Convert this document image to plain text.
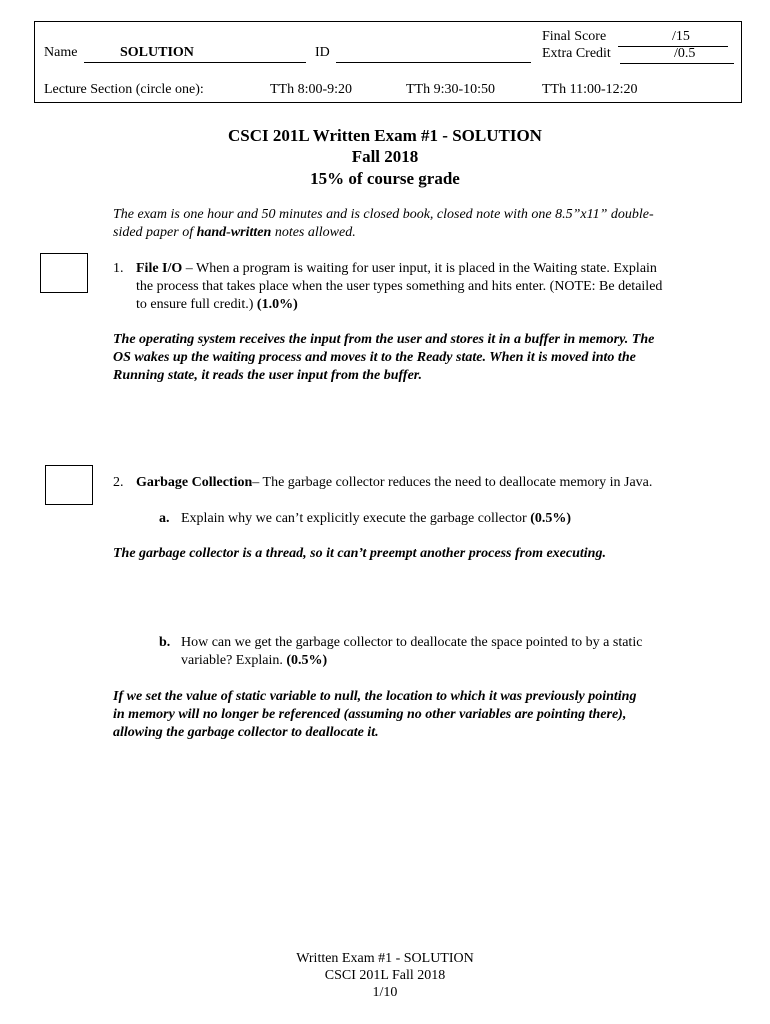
Name	SOLUTION	ID
Final Score	/15
Extra Credit	/0.5
Lecture Section (circle one):	TTh 8:00-9:20	TTh 9:30-10:50	TTh 11:00-12:20
CSCI 201L Written Exam #1 - SOLUTION
Fall 2018
15% of course grade
The exam is one hour and 50 minutes and is closed book, closed note with one 8.5”x11” double-sided paper of hand-written notes allowed.
1. File I/O – When a program is waiting for user input, it is placed in the Waiting state. Explain the process that takes place when the user types something and hits enter. (NOTE: Be detailed to ensure full credit.) (1.0%)
The operating system receives the input from the user and stores it in a buffer in memory. The OS wakes up the waiting process and moves it to the Ready state. When it is moved into the Running state, it reads the user input from the buffer.
2. Garbage Collection– The garbage collector reduces the need to deallocate memory in Java.
a. Explain why we can’t explicitly execute the garbage collector (0.5%)
The garbage collector is a thread, so it can’t preempt another process from executing.
b. How can we get the garbage collector to deallocate the space pointed to by a static variable? Explain. (0.5%)
If we set the value of static variable to null, the location to which it was previously pointing in memory will no longer be referenced (assuming no other variables are pointing there), allowing the garbage collector to deallocate it.
Written Exam #1 - SOLUTION
CSCI 201L Fall 2018
1/10
